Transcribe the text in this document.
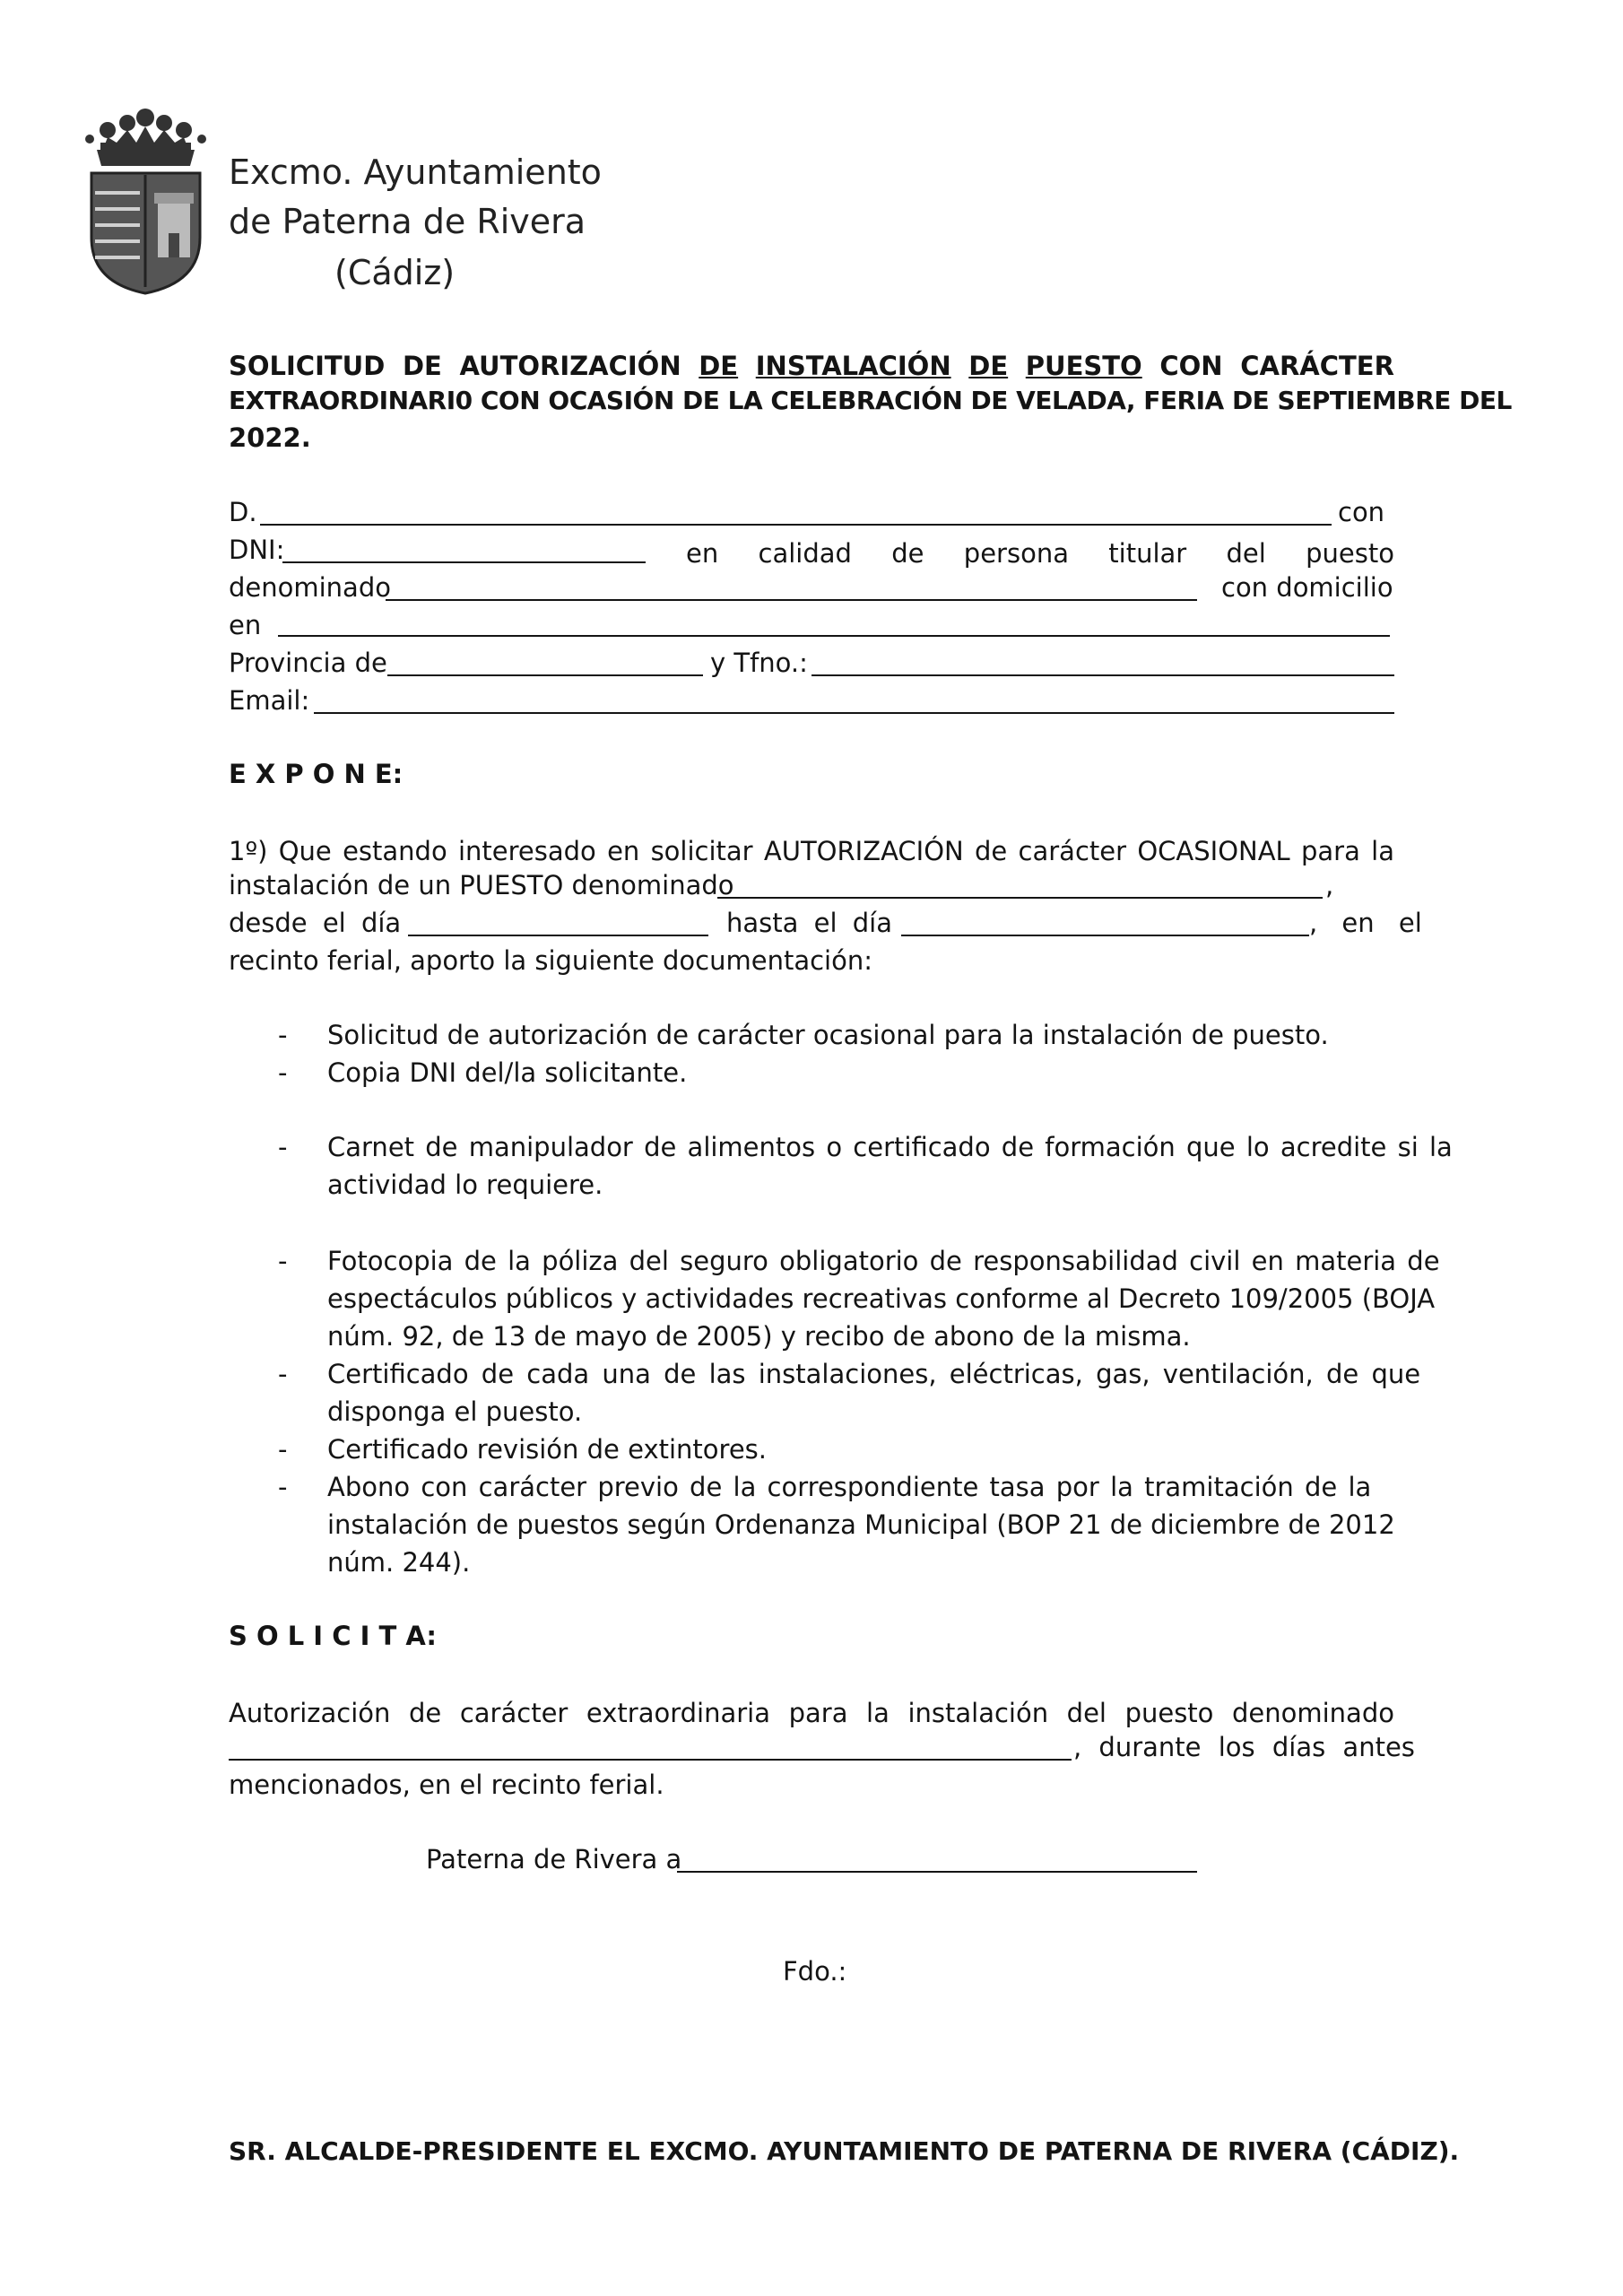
Excmo. Ayuntamiento
de Paterna de Rivera
(Cádiz)
SOLICITUD DE AUTORIZACIÓN DE INSTALACIÓN DE PUESTO CON CARÁCTER
EXTRAORDINARI0 CON OCASIÓN DE LA CELEBRACIÓN DE VELADA, FERIA DE SEPTIEMBRE DEL
2022.
D.	con
DNI:	en calidad de persona titular del puesto
denominado	con domicilio
en
Provincia de	y Tfno.:
Email:
E X P O N E:
1º) Que estando interesado en solicitar AUTORIZACIÓN de carácter OCASIONAL para la
instalación de un PUESTO denominado	,
desde el día	hasta el día	, en el
recinto ferial, aporto la siguiente documentación:
- Solicitud de autorización de carácter ocasional para la instalación de puesto.
- Copia DNI del/la solicitante.
- Carnet de manipulador de alimentos o certificado de formación que lo acredite si la
actividad lo requiere.
- Fotocopia de la póliza del seguro obligatorio de responsabilidad civil en materia de
espectáculos públicos y actividades recreativas conforme al Decreto 109/2005 (BOJA
núm. 92, de 13 de mayo de 2005) y recibo de abono de la misma.
- Certificado de cada una de las instalaciones, eléctricas, gas, ventilación, de que
disponga el puesto.
- Certificado revisión de extintores.
- Abono con carácter previo de la correspondiente tasa por la tramitación de la
instalación de puestos según Ordenanza Municipal (BOP 21 de diciembre de 2012
núm. 244).
S O L I C I T A:
Autorización de carácter extraordinaria para la instalación del puesto denominado
, durante los días antes
mencionados, en el recinto ferial.
Paterna de Rivera a
Fdo.:
SR. ALCALDE-PRESIDENTE EL EXCMO. AYUNTAMIENTO DE PATERNA DE RIVERA (CÁDIZ).
